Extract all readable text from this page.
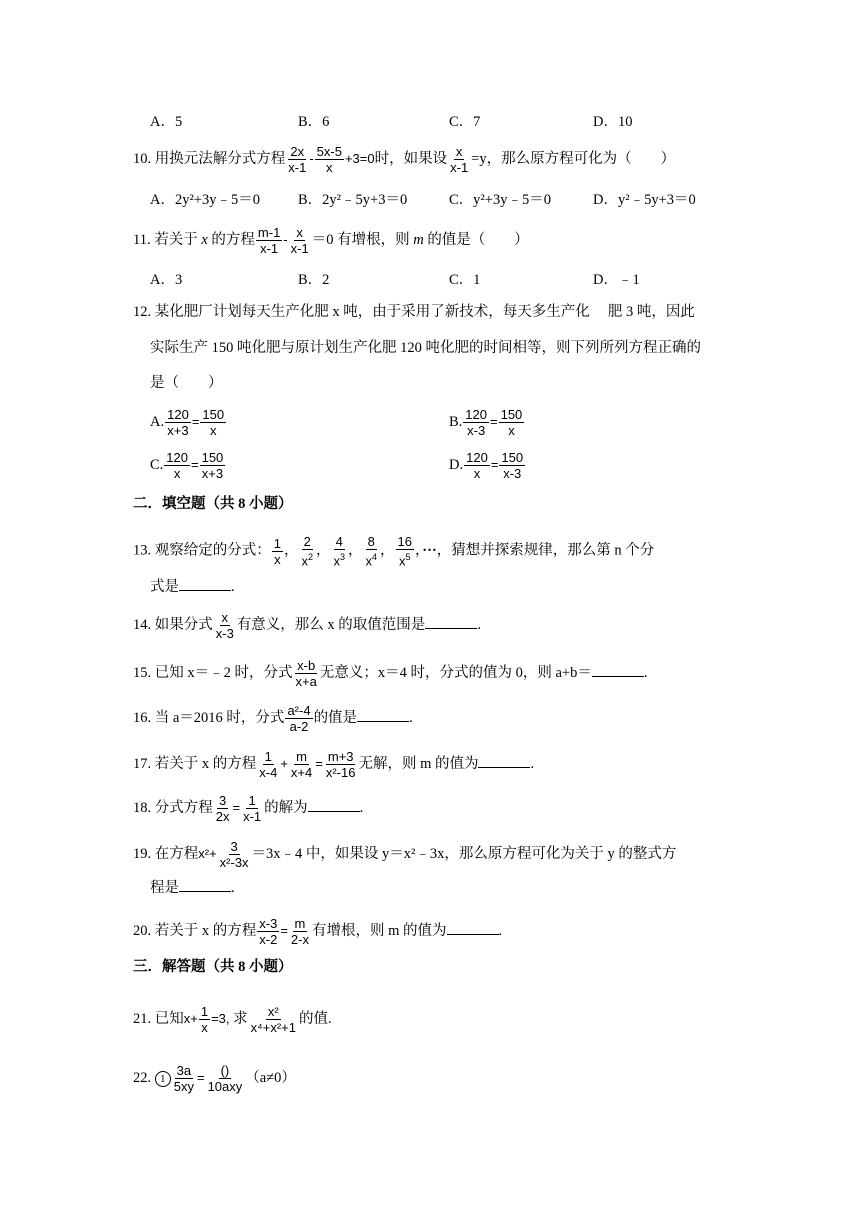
A．5	B．6	C．7	D．10
10. 用换元法解分式方程 $\frac{2x}{x-1} - \frac{5x-5}{x} +3=0$时，如果设 $\frac{x}{x-1} =y$，那么原方程可化为（　　）
A．2y²+3y﹣5＝0	B．2y²﹣5y+3＝0	C．y²+3y﹣5＝0	D．y²﹣5y+3＝0
11. 若关于 x 的方程 $\frac{m-1}{x-1} - \frac{x}{x-1} =0$ 有增根，则 m 的值是（　　）
A．3	B．2	C．1	D．﹣1
12. 某化肥厂计划每天生产化肥 x 吨，由于采用了新技术，每天多生产化　 肥 3 吨，因此
实际生产 150 吨化肥与原计划生产化肥 120 吨化肥的时间相等，则下列所列方程正确的
是（　　）
A. $\frac{120}{x+3} = \frac{150}{x}$	B. $\frac{120}{x-3} = \frac{150}{x}$
C. $\frac{120}{x} = \frac{150}{x+3}$	D. $\frac{120}{x} = \frac{150}{x-3}$
二．填空题（共 8 小题）
13. 观察给定的分式： $\frac{1}{x}$ ， $\frac{2}{x^2}$ ， $\frac{4}{x^3}$ ， $\frac{8}{x^4}$ ， $\frac{16}{x^5}$ ，···，猜想并探索规律，那么第 n 个分
式是	.
14. 如果分式 $\frac{x}{x-3}$ 有意义，那么 x 的取值范围是	.
15. 已知 x＝﹣2 时，分式 $\frac{x-b}{x+a}$ 无意义；x＝4 时，分式的值为 0，则 a+b＝	.
16. 当 a＝2016 时，分式 $\frac{\text{a²-4}}{a-2}$ 的值是	.
17. 若关于 x 的方程 $\frac{1}{x-4} + \frac{m}{x+4} = \frac{m+3}{\text{x²-16}}$ 无解，则 m 的值为	.
18. 分式方程 $\frac{3}{2x} = \frac{1}{x-1}$ 的解为	.
19. 在方程$x^2+ \frac{3}{\text{x²-3x}}$ ＝3x﹣4 中，如果设 y＝x²﹣3x，那么原方程可化为关于 y 的整式方
程是	.
20. 若关于 x 的方程 $\frac{x-3}{x-2} = \frac{m}{2-x}$ 有增根，则 m 的值为	.
三．解答题（共 8 小题）
21. 已知$x+ \frac{1}{x} =3$, 求 $\frac{\text{x²}}{\text{x⁴+x²+1}}$ 的值.
22. $1 \frac{3a}{5xy} = \frac{()}{\text{10axy}} (a\ne 0)$
